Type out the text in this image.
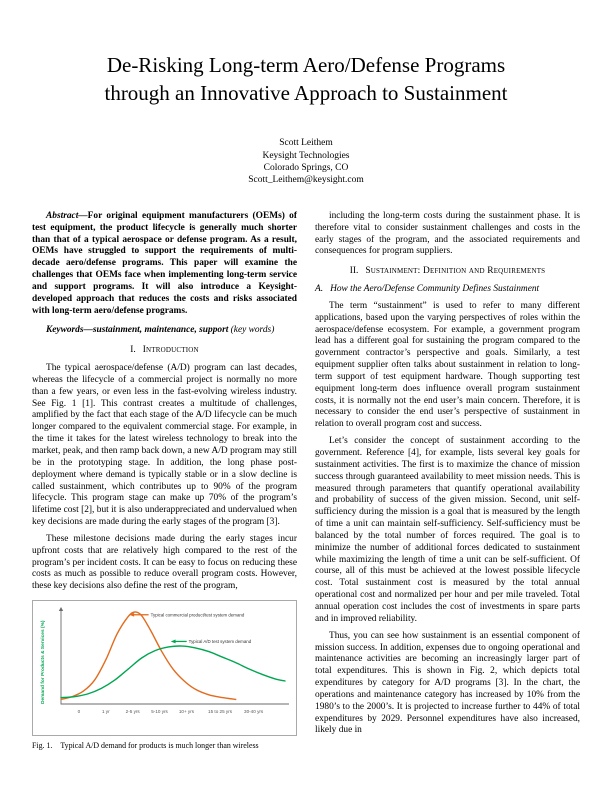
De-Risking Long-term Aero/Defense Programs through an Innovative Approach to Sustainment
Scott Leithem
Keysight Technologies
Colorado Springs, CO
Scott_Leithem@keysight.com

Abstract—For original equipment manufacturers (OEMs) of test equipment, the product lifecycle is generally much shorter than that of a typical aerospace or defense program. As a result, OEMs have struggled to support the requirements of multi-decade aero/defense programs. This paper will examine the challenges that OEMs face when implementing long-term service and support programs. It will also introduce a Keysight-developed approach that reduces the costs and risks associated with long-term aero/defense programs.

Keywords—sustainment, maintenance, support (key words)

I. Introduction

The typical aerospace/defense (A/D) program can last decades, whereas the lifecycle of a commercial project is normally no more than a few years, or even less in the fast-evolving wireless industry. See Fig. 1 [1]. This contrast creates a multitude of challenges, amplified by the fact that each stage of the A/D lifecycle can be much longer compared to the equivalent commercial stage. For example, in the time it takes for the latest wireless technology to break into the market, peak, and then ramp back down, a new A/D program may still be in the prototyping stage. In addition, the long phase post-deployment where demand is typically stable or in a slow decline is called sustainment, which contributes up to 90% of the program lifecycle. This program stage can make up 70% of the program’s lifetime cost [2], but it is also underappreciated and undervalued when key decisions are made during the early stages of the program [3].

These milestone decisions made during the early stages incur upfront costs that are relatively high compared to the rest of the program’s per incident costs. It can be easy to focus on reducing these costs as much as possible to reduce overall program costs. However, these key decisions also define the rest of the program,

Demand for Products & Services (%)
0	1 yr	2-5 yrs	5-10 yrs 10+ yrs	15 to 25 yrs	30-40 yrs
Typical commercial product/test system demand
Typical A/D test system demand
Fig. 1. Typical A/D demand for products is much longer than wireless

including the long-term costs during the sustainment phase. It is therefore vital to consider sustainment challenges and costs in the early stages of the program, and the associated requirements and consequences for program suppliers.

II. Sustainment: Definition and Requirements
A. How the Aero/Defense Community Defines Sustainment

The term “sustainment” is used to refer to many different applications, based upon the varying perspectives of roles within the aerospace/defense ecosystem. For example, a government program lead has a different goal for sustaining the program compared to the government contractor’s perspective and goals. Similarly, a test equipment supplier often talks about sustainment in relation to long-term support of test equipment hardware. Though supporting test equipment long-term does influence overall program sustainment costs, it is normally not the end user’s main concern. Therefore, it is necessary to consider the end user’s perspective of sustainment in relation to overall program cost and success.

Let’s consider the concept of sustainment according to the government. Reference [4], for example, lists several key goals for sustainment activities. The first is to maximize the chance of mission success through guaranteed availability to meet mission needs. This is measured through parameters that quantify operational availability and probability of success of the given mission. Second, unit self-sufficiency during the mission is a goal that is measured by the length of time a unit can maintain self-sufficiency. Self-sufficiency must be balanced by the total number of forces required. The goal is to minimize the number of additional forces dedicated to sustainment while maximizing the length of time a unit can be self-sufficient. Of course, all of this must be achieved at the lowest possible lifecycle cost. Total sustainment cost is measured by the total annual operational cost and normalized per hour and per mile traveled. Total annual operation cost includes the cost of investments in spare parts and in improved reliability.

Thus, you can see how sustainment is an essential component of mission success. In addition, expenses due to ongoing operational and maintenance activities are becoming an increasingly larger part of total expenditures. This is shown in Fig. 2, which depicts total expenditures by category for A/D programs [3]. In the chart, the operations and maintenance category has increased by 10% from the 1980’s to the 2000’s. It is projected to increase further to 44% of total expenditures by 2029. Personnel expenditures have also increased, likely due in
